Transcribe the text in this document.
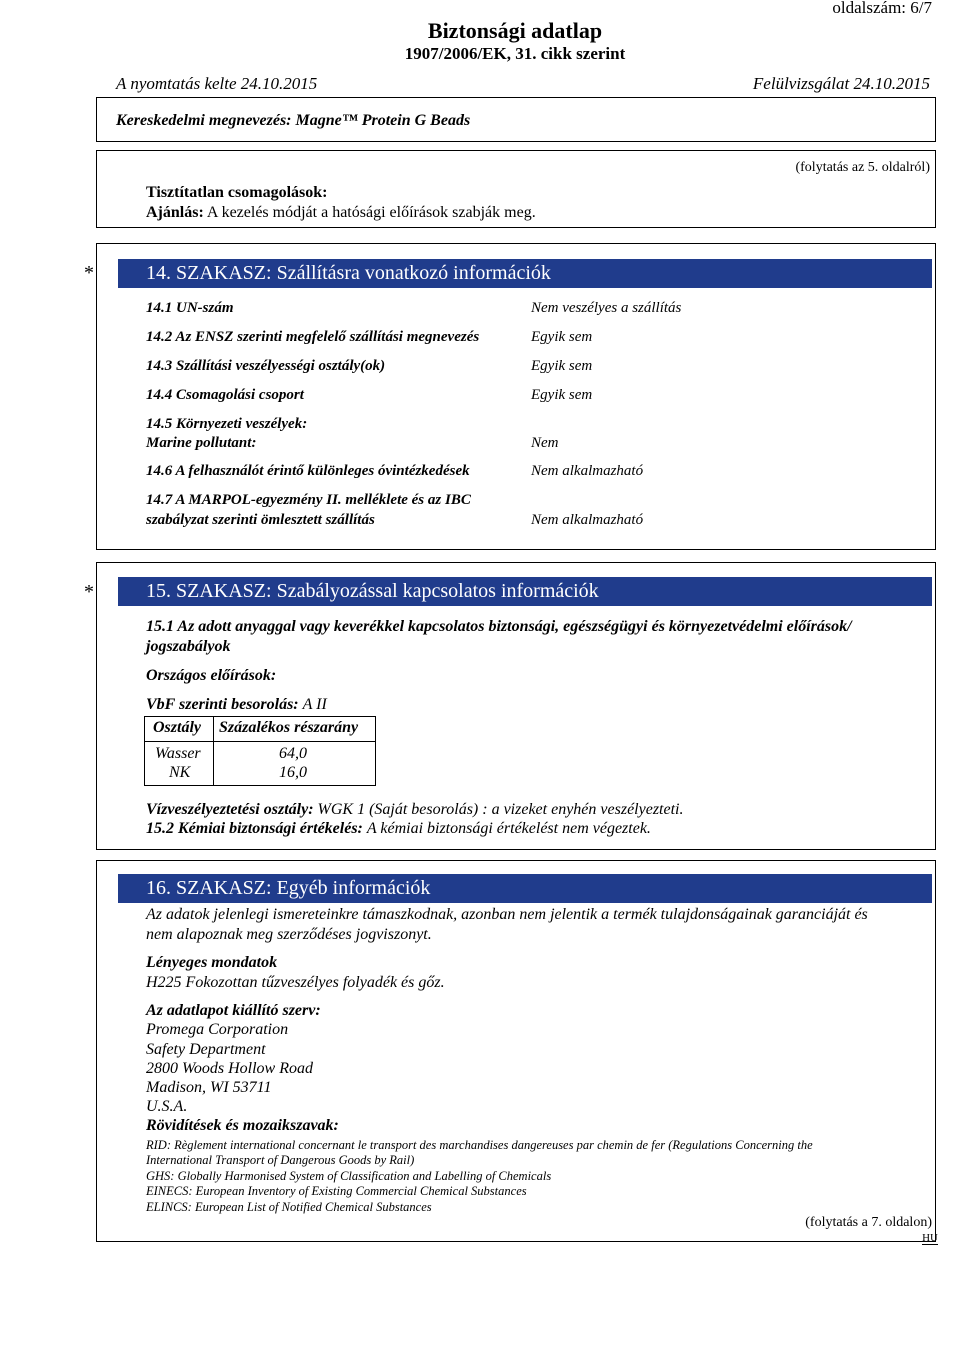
oldalszám: 6/7
Biztonsági adatlap
1907/2006/EK, 31. cikk szerint
A nyomtatás kelte 24.10.2015	Felülvizsgálat 24.10.2015
Kereskedelmi megnevezés: Magne™ Protein G Beads
(folytatás az 5. oldalról)
Tisztítatlan csomagolások:
Ajánlás: A kezelés módját a hatósági előírások szabják meg.
*	14. SZAKASZ: Szállításra vonatkozó információk
14.1 UN-szám	Nem veszélyes a szállítás
14.2 Az ENSZ szerinti megfelelő szállítási megnevezés	Egyik sem
14.3 Szállítási veszélyességi osztály(ok)	Egyik sem
14.4 Csomagolási csoport	Egyik sem
14.5 Környezeti veszélyek:
Marine pollutant:	Nem
14.6 A felhasználót érintő különleges óvintézkedések	Nem alkalmazható
14.7 A MARPOL-egyezmény II. melléklete és az IBC
szabályzat szerinti ömlesztett szállítás	Nem alkalmazható
*	15. SZAKASZ: Szabályozással kapcsolatos információk
15.1 Az adott anyaggal vagy keverékkel kapcsolatos biztonsági, egészségügyi és környezetvédelmi előírások/
jogszabályok
Országos előírások:
VbF szerinti besorolás: A II
Osztály Százalékos részarány
Wasser	64,0
NK	16,0
Vízveszélyeztetési osztály: WGK 1 (Saját besorolás) : a vizeket enyhén veszélyezteti.
15.2 Kémiai biztonsági értékelés: A kémiai biztonsági értékelést nem végeztek.
16. SZAKASZ: Egyéb információk
Az adatok jelenlegi ismereteinkre támaszkodnak, azonban nem jelentik a termék tulajdonságainak garanciáját és
nem alapoznak meg szerződéses jogviszonyt.
Lényeges mondatok
H225 Fokozottan tűzveszélyes folyadék és gőz.
Az adatlapot kiállító szerv:
Promega Corporation
Safety Department
2800 Woods Hollow Road
Madison, WI 53711
U.S.A.
Rövidítések és mozaikszavak:
RID: Règlement international concernant le transport des marchandises dangereuses par chemin de fer (Regulations Concerning the
International Transport of Dangerous Goods by Rail)
GHS: Globally Harmonised System of Classification and Labelling of Chemicals
EINECS: European Inventory of Existing Commercial Chemical Substances
ELINCS: European List of Notified Chemical Substances
(folytatás a 7. oldalon)
HU
